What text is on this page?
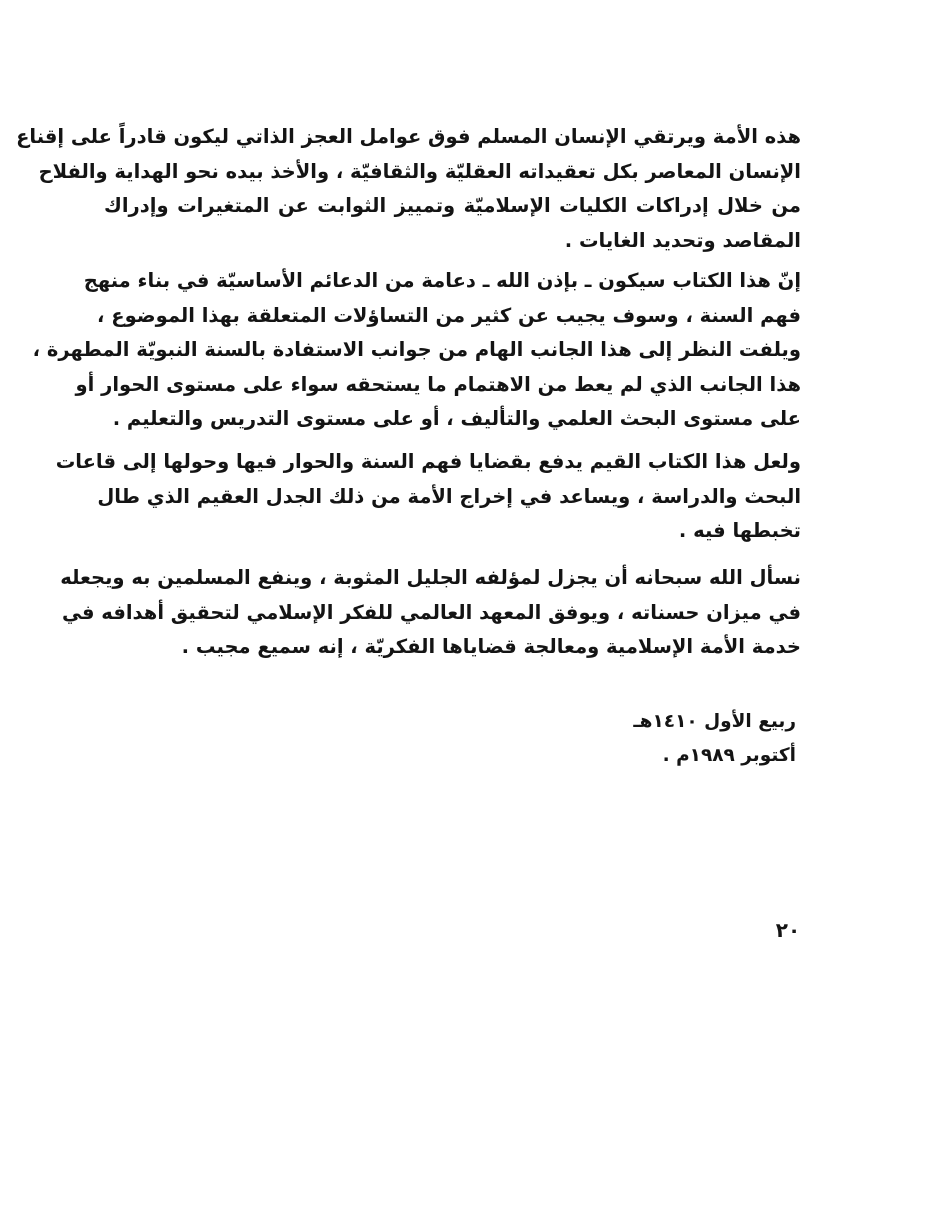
هذه الأمة ويرتقي الإنسان المسلم فوق عوامل العجز الذاتي ليكون قادراً على إقناع
الإنسان المعاصر بكل تعقيداته العقليّة والثقافيّة ، والأخذ بيده نحو الهداية والفلاح
من خلال إدراكات الكليات الإسلاميّة وتمييز الثوابت عن المتغيرات وإدراك
المقاصد وتحديد الغايات .
إنّ هذا الكتاب سيكون ـ بإذن الله ـ دعامة من الدعائم الأساسيّة في بناء منهج
فهم السنة ، وسوف يجيب عن كثير من التساؤلات المتعلقة بهذا الموضوع ،
ويلفت النظر إلى هذا الجانب الهام من جوانب الاستفادة بالسنة النبويّة المطهرة ،
هذا الجانب الذي لم يعط من الاهتمام ما يستحقه سواء على مستوى الحوار أو
على مستوى البحث العلمي والتأليف ، أو على مستوى التدريس والتعليم .
ولعل هذا الكتاب القيم يدفع بقضايا فهم السنة والحوار فيها وحولها إلى قاعات
البحث والدراسة ، ويساعد في إخراج الأمة من ذلك الجدل العقيم الذي طال
تخبطها فيه .
نسأل الله سبحانه أن يجزل لمؤلفه الجليل المثوبة ، وينفع المسلمين به ويجعله
في ميزان حسناته ، ويوفق المعهد العالمي للفكر الإسلامي لتحقيق أهدافه في
خدمة الأمة الإسلامية ومعالجة قضاياها الفكريّة ، إنه سميع مجيب .
ربيع الأول ١٤١٠هـ
أكتوبر ١٩٨٩م .
٢٠
